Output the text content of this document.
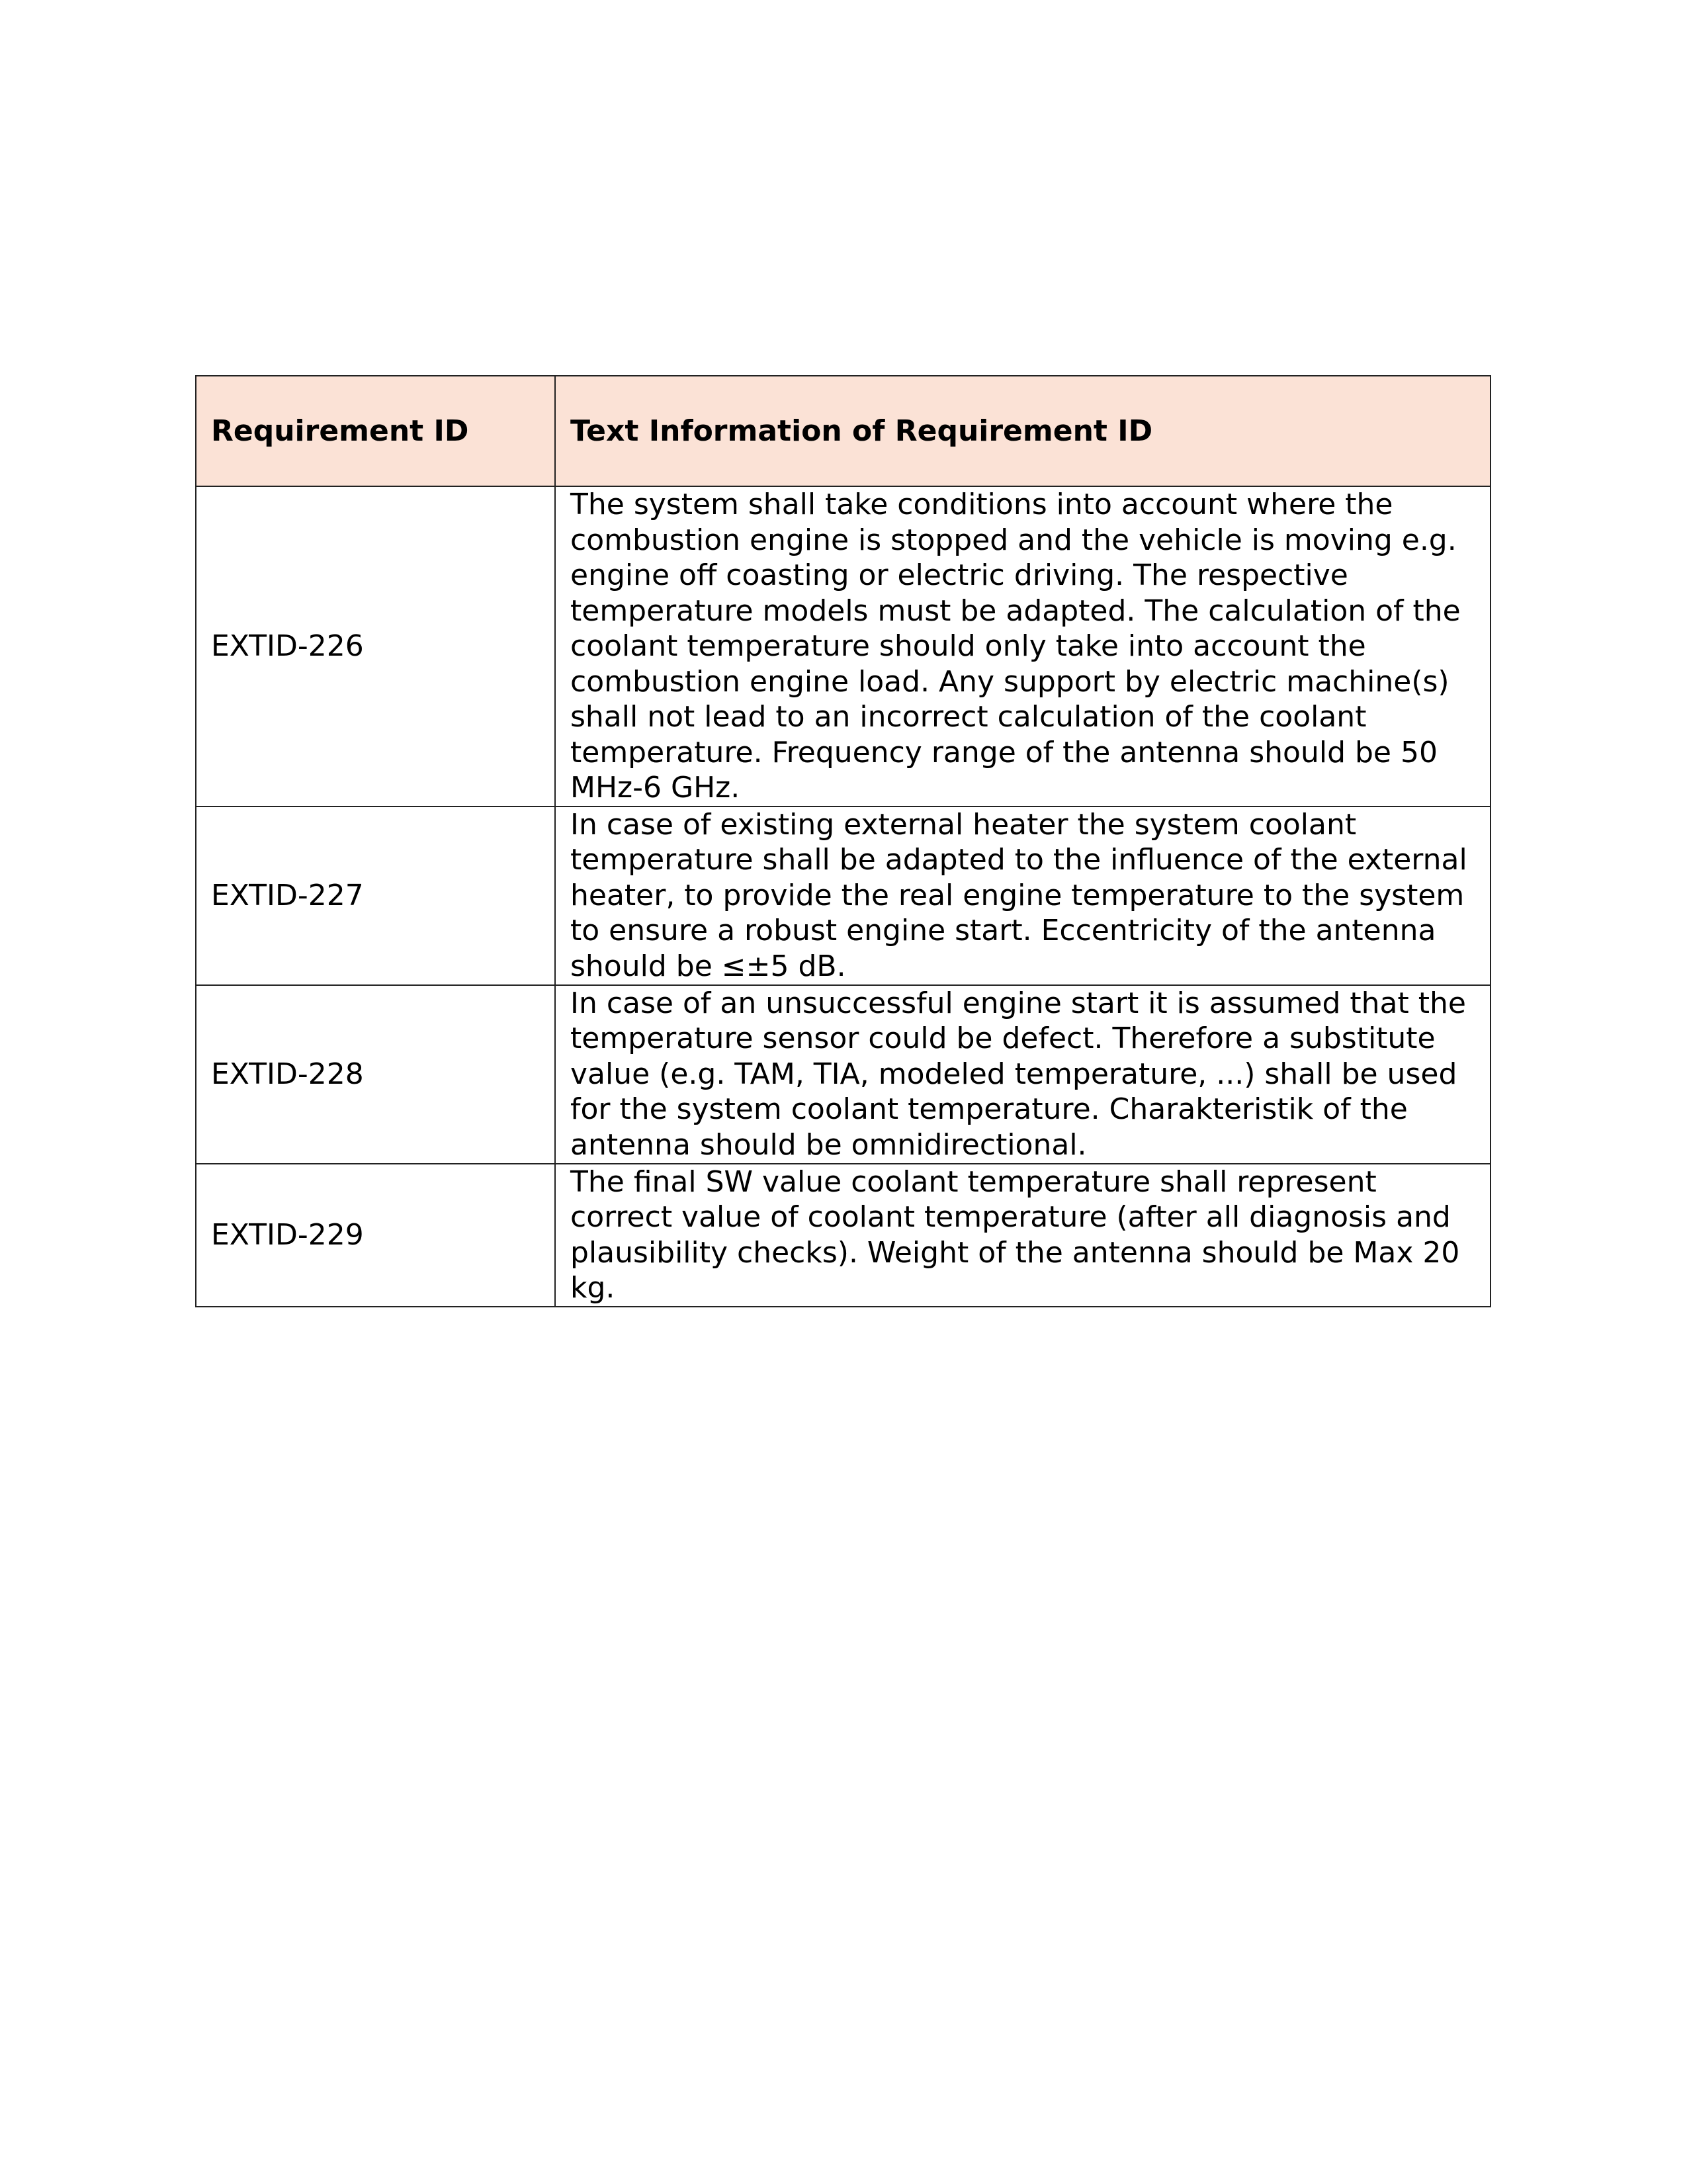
Requirement ID	Text Information of Requirement ID
EXTID-226	The system shall take conditions into account where the combustion engine is stopped and the vehicle is moving e.g. engine off coasting or electric driving. The respective temperature models must be adapted. The calculation of the coolant temperature should only take into account the combustion engine load. Any support by electric machine(s) shall not lead to an incorrect calculation of the coolant temperature. Frequency range of the antenna should be 50 MHz-6 GHz.
EXTID-227	In case of existing external heater the system coolant temperature shall be adapted to the influence of the external heater, to provide the real engine temperature to the system to ensure a robust engine start. Eccentricity of the antenna should be ≤±5 dB.
EXTID-228	In case of an unsuccessful engine start it is assumed that the temperature sensor could be defect. Therefore a substitute value (e.g. TAM, TIA, modeled temperature, ...) shall be used for the system coolant temperature. Charakteristik of the antenna should be omnidirectional.
EXTID-229	The final SW value coolant temperature shall represent correct value of coolant temperature (after all diagnosis and plausibility checks). Weight of the antenna should be Max 20 kg.
